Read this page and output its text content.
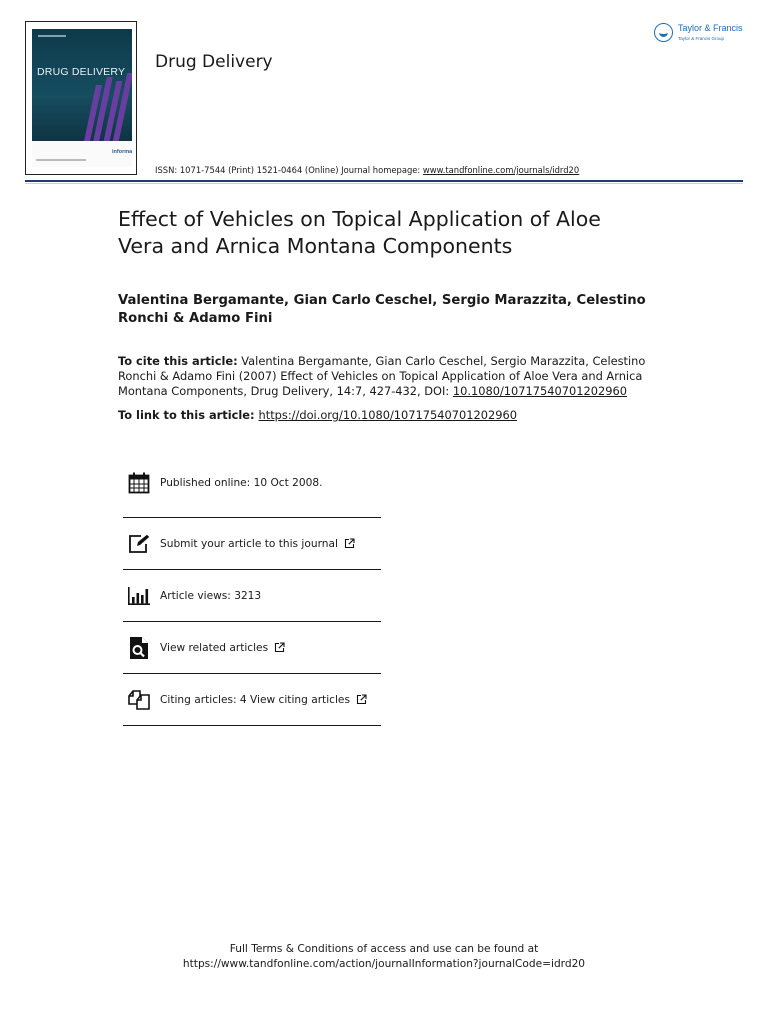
DRUG DELIVERY
informa
Drug Delivery
ISSN: 1071-7544 (Print) 1521-0464 (Online) Journal homepage: www.tandfonline.com/journals/idrd20
Taylor & Francis
Taylor & Francis Group
Effect of Vehicles on Topical Application of Aloe
Vera and Arnica Montana Components
Valentina Bergamante, Gian Carlo Ceschel, Sergio Marazzita, Celestino
Ronchi & Adamo Fini
To cite this article: Valentina Bergamante, Gian Carlo Ceschel, Sergio Marazzita, Celestino
Ronchi & Adamo Fini (2007) Effect of Vehicles on Topical Application of Aloe Vera and Arnica
Montana Components, Drug Delivery, 14:7, 427-432, DOI: 10.1080/10717540701202960
To link to this article: https://doi.org/10.1080/10717540701202960
Published online: 10 Oct 2008.
Submit your article to this journal
Article views: 3213
View related articles
Citing articles: 4 View citing articles
Full Terms & Conditions of access and use can be found at
https://www.tandfonline.com/action/journalInformation?journalCode=idrd20
